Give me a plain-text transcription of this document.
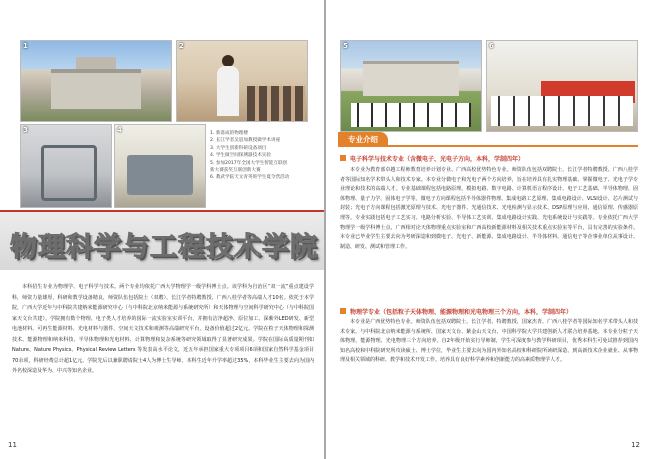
1	2
3	4	1. 新落成的物理楼
2. 长江学者吴思加教授做学术讲座
3. 大学生创新科研设备项目
4. 学生做空间探测器技术实验
5. 参加2017年全国大学生智能互联创
新大赛获奖互联创新大赛
6. 教武学院天文青英班学生夏令营活动
物理科学与工程技术学院
本科招生专业为物理学、电子科学与技术。两个专业均依托广西大学物理学一级学科博士点。该学科为自治区“双一流”重点建设学科，师资力量雄厚，科研和教学设备精良，师资队伍包括院士（双聘）、长江学者特聘教授、广西八桂学者等高端人才10名。依托于本学院，广西大学近年与中科院共建纳米能源研究中心（与中科院北京纳米能源与系统研究所）和天体物理与空间科学研究中心（与中科院国家天文台共建）。学院拥有数个物理、电子类人才培养的国际一流实验室实训平台，并拥有洁净超净、原位加工、深紫外LED研发、新型电池材料、可再生能源材料、光电材料与器件、空间天文技术和观测等高端研究平台，设备价值超过2亿元。学院在粒子天体物理和探测技术、能源物理和纳米科技、半导体物理和光电材料、计算物理和复杂系统等研究领域取得了显著研究成果。学院在国际高质量期刊如Nature、Nature Physics、Physical Review Letters 等发表高水平论文，近五年承担国家重大专项项目6项和国家自然科学基金项目70余项，科研经费总计超1亿元。学院先后以兼职聘请院士4人为博士生导师，本科生近年升学率超过35%，本科毕业生主要去向为国内外名校深造及华为、中兴等知名企业。
11
5	6
专业介绍
电子科学与技术专业（含微电子、光电子方向，本科，学制四年）
本专业为教育部卓越工程师教育培养计划专业、广西高校优势特色专业。师资队伍包括双聘院士、长江学者特聘教授、广西八桂学者等国际知名学术带头人和技术专家。本专业分微电子和光电子两个方向培养，旨在培养具有扎实物理基础、掌握微电子、光电子学专业理论和技术的高端人才。专业基础课程包括电路原理、模拟电路、数字电路、计算机语言程序设计、电子工艺基础、半导体物理、固体物理、量子力学、固体电子学等。微电子方向课程包括半导体器件物理、集成电路工艺原理、集成电路设计、VLSI设计、芯片测试与封装；光电子方向课程包括激光原理与技术、光电子器件、光通信技术、光电检测与显示技术、DSP原理与应用、通信原理、传感器原理等。专业实践包括电子工艺实习、电路分析实验、半导体工艺实训、集成电路设计实践、光电系统设计与实践等。专业依托广西大学物理学一级学科博士点、广西相对论天体物理重点实验室和广西高校新能源材料及相关技术重点实验室等平台，具有完善的实验条件。本专业已毕业学生主要去向为考研深造和到微电子、光电子、新能源、集成电路设计、半导体材料、通信电子等企事业单位从事设计、制造、研发、测试和管理工作。
物理学专业（包括粒子天体物理、能源物理和光电物理三个方向，本科，学制四年）
本专业是广西优势特色专业。师资队伍包括双聘院士、长江学者、特聘教授、国家杰青、广西八桂学者等国际知名学术带头人和技术专家。与中科院北京纳米能源与系统所、国家天文台、紫金山天文台、中国科学院大学共建创新人才联合培养基地。本专业分粒子天体物理、能源物理、光电物理三个方向培养。自2年级开始实行导师制，学生可深度参与教学科研项目，优秀本科生可免试推荐到国内知名高校和中科院研究所攻读硕士、博士学位，毕业生主要去向为国内外知名高校和科研院所读研深造、到高新技术企业就业、从事物理及相关领域的科研、教学和技术开发工作。培养具有良好科学素养和创新能力的高素质物理学人才。
12
